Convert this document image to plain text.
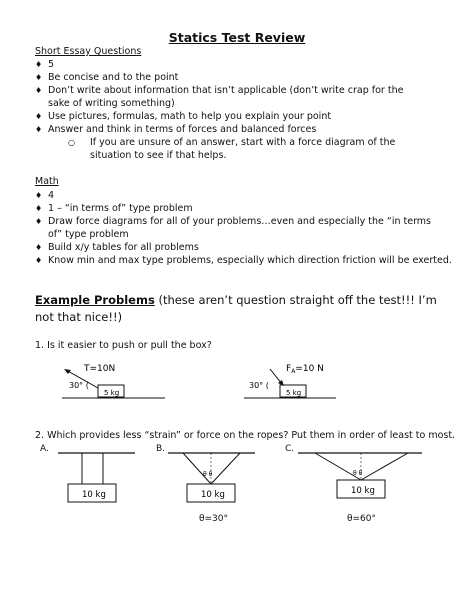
Statics Test Review
Short Essay Questions
♦ 5
♦ Be concise and to the point
♦ Don’t write about information that isn’t applicable (don’t write crap for the sake of writing something)
♦ Use pictures, formulas, math to help you explain your point
♦ Answer and think in terms of forces and balanced forces
○ If you are unsure of an answer, start with a force diagram of the situation to see if that helps.
Math
♦ 4
♦ 1 – “in terms of” type problem
♦ Draw force diagrams for all of your problems…even and especially the “in terms of” type problem
♦ Build x/y tables for all problems
♦ Know min and max type problems, especially which direction friction will be exerted.
Example Problems (these aren’t question straight off the test!!! I’m not that nice!!)
1. Is it easier to push or pull the box?
T=10N
30° (
5 kg
$F_A=10$ N
30° (
5 kg
2. Which provides less “strain” or force on the ropes? Put them in order of least to most.
A.	B.	C.
10 kg
θ θ
10 kg
θ θ
10 kg
θ=30°	θ=60°
